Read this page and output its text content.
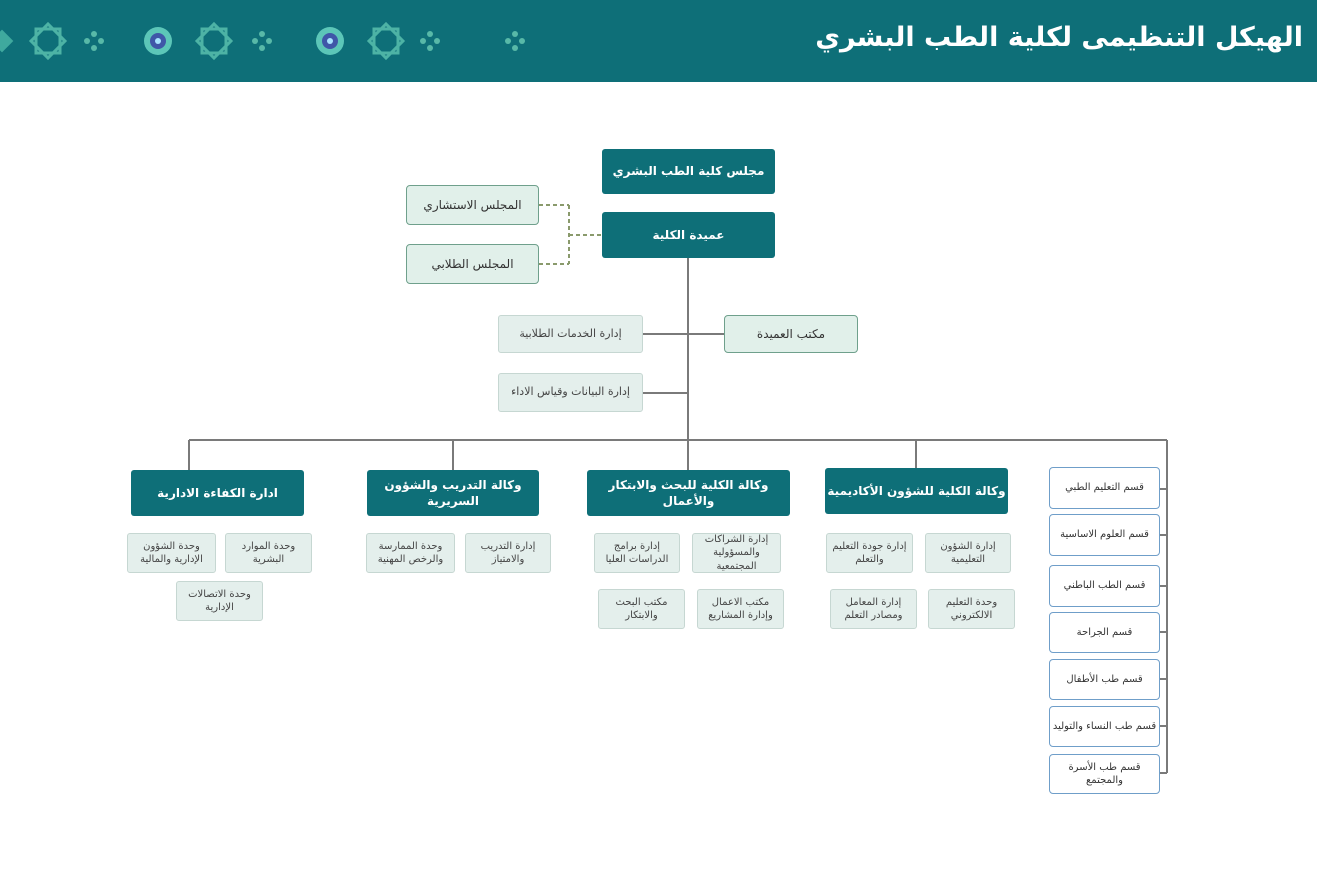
الهيكل التنظيمى لكلية الطب البشري
مجلس كلية الطب البشري
عميدة الكلية
المجلس الاستشاري
المجلس الطلابي
مكتب العميدة
إدارة الخدمات الطلابية
إدارة البيانات وقياس الاداء
ادارة الكفاءة الادارية
وكالة التدريب والشؤون السريرية
وكالة الكلية للبحث والابتكار والأعمال
وكالة الكلية للشؤون الأكاديمية
وحدة الموارد البشرية
وحدة الشؤون الإدارية والمالية
وحدة الاتصالات الإدارية
إدارة التدريب والامتياز
وحدة الممارسة والرخص المهنية
إدارة الشراكات والمسؤولية المجتمعية
إدارة برامج الدراسات العليا
مكتب الاعمال وإدارة المشاريع
مكتب البحث والابتكار
إدارة الشؤون التعليمية
إدارة جودة التعليم والتعلم
وحدة التعليم الالكتروني
إدارة المعامل ومصادر التعلم
قسم التعليم الطبي
قسم العلوم الاساسية
قسم الطب الباطني
قسم الجراحة
قسم طب الأطفال
قسم طب النساء والتوليد
قسم طب الأسرة والمجتمع
